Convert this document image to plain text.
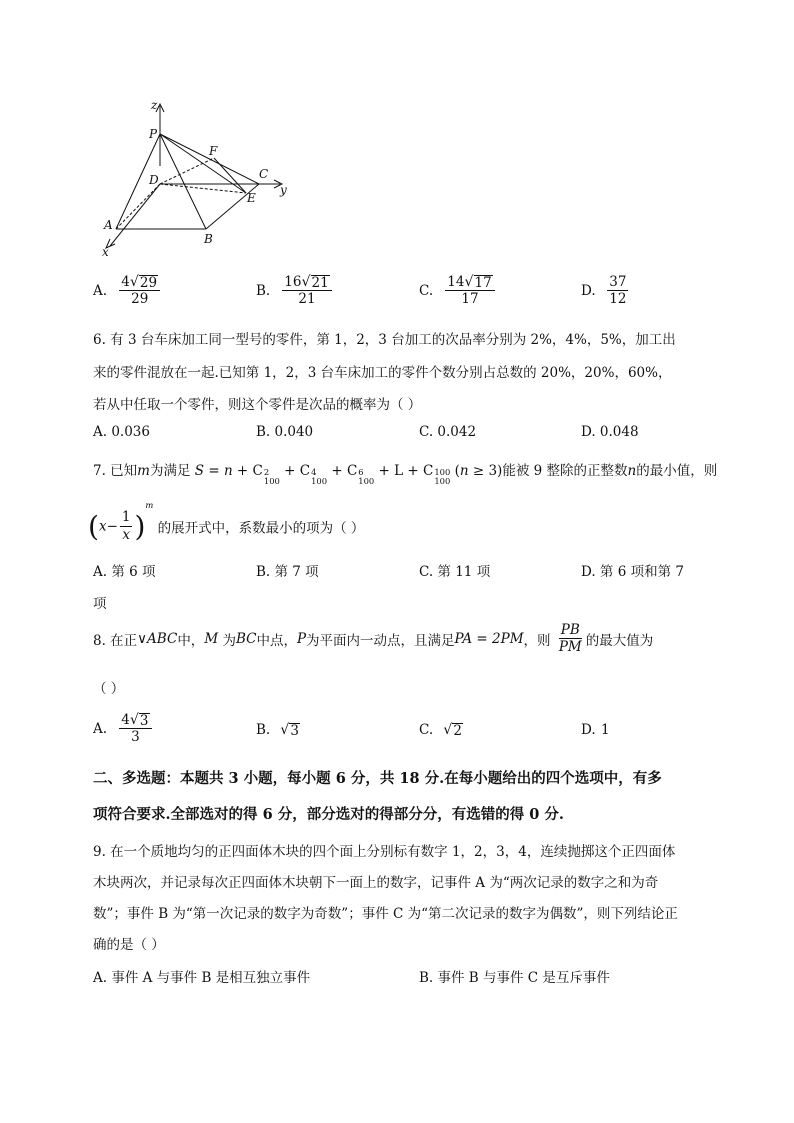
z
P
F
C
y
D
E
A
B
x
A. $\frac{4 √ 29}{29}$	B. $\frac{16 √ 21}{21}$	C. $\frac{14 √ 17}{17}$	D. $\frac{37}{12}$
6. 有 3 台车床加工同一型号的零件，第 1，2，3 台加工的次品率分别为 2%，4%，5%，加工出
来的零件混放在一起.已知第 1，2，3 台车床加工的零件个数分别占总数的 20%，20%，60%，
若从中任取一个零件，则这个零件是次品的概率为（ ）
A. 0.036	B. 0.040	C. 0.042	D. 0.048
7. 已知m为满足 S = n + C 2
100
+ C 4
100
+ C 6
100
+ L + C 100
100
(n ≥ 3)能被 9 整除的正整数n的最小值，则
$(x- \frac{1}{x} )^m$ 的展开式中，系数最小的项为（ ）
A. 第 6 项	B. 第 7 项	C. 第 11 项	D. 第 6 项和第 7
项
8. 在正∨ABC中，M 为BC中点，P为平面内一动点，且满足PA = 2PM，则 $\frac{PB}{PM}$ 的最大值为
（ ）
A. $\frac{4 √ 3}{3}$	B. √ 3	C. √ 2	D. 1
二、多选题：本题共 3 小题，每小题 6 分，共 18 分.在每小题给出的四个选项中，有多
项符合要求.全部选对的得 6 分，部分选对的得部分分，有选错的得 0 分.
9. 在一个质地均匀的正四面体木块的四个面上分别标有数字 1，2，3，4，连续抛掷这个正四面体
木块两次，并记录每次正四面体木块朝下一面上的数字，记事件 A 为“两次记录的数字之和为奇
数”；事件 B 为“第一次记录的数字为奇数”；事件 C 为“第二次记录的数字为偶数”，则下列结论正
确的是（ ）
A. 事件 A 与事件 B 是相互独立事件	B. 事件 B 与事件 C 是互斥事件
